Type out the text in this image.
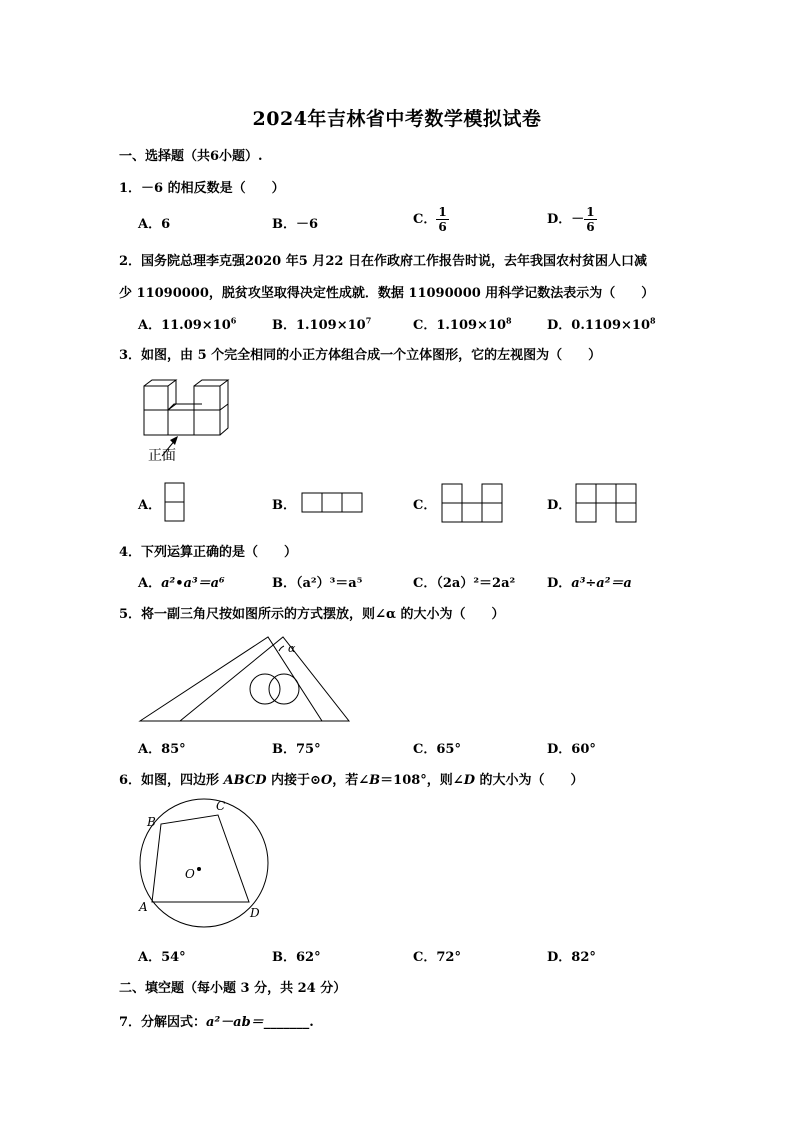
2024年吉林省中考数学模拟试卷
一、选择题（共6小题）.
1．－6 的相反数是（　　）
A．6	B．－6	C． $\frac{1}{6}$	D．－ $\frac{1}{6}$
2．国务院总理李克强2020 年5 月22 日在作政府工作报告时说，去年我国农村贫困人口减
少 11090000，脱贫攻坚取得决定性成就．数据 11090000 用科学记数法表示为（　　）
A．$11.09\times 10^6$	B．$1.109\times 10^7$	C．$1.109\times 10^8$	D．$0.1109\times 10^8$
3．如图，由 5 个完全相同的小正方体组合成一个立体图形，它的左视图为（　　）
正面
A．	B．	C．	D．
4．下列运算正确的是（　　）
A．a²•a³＝a⁶	B．（a²）³＝a⁵	C．（2a）²＝2a² D．a³÷a²＝a
5．将一副三角尺按如图所示的方式摆放，则∠α 的大小为（　　）
α
A．85°	B．75°	C．65°	D．60°
6．如图，四边形 ABCD 内接于⊙O，若∠B＝108°，则∠D 的大小为（　　）
A
B
C
D
O
A．54°	B．62°	C．72°	D．82°
二、填空题（每小题 3 分，共 24 分）
7．分解因式：a²－ab＝_______.
